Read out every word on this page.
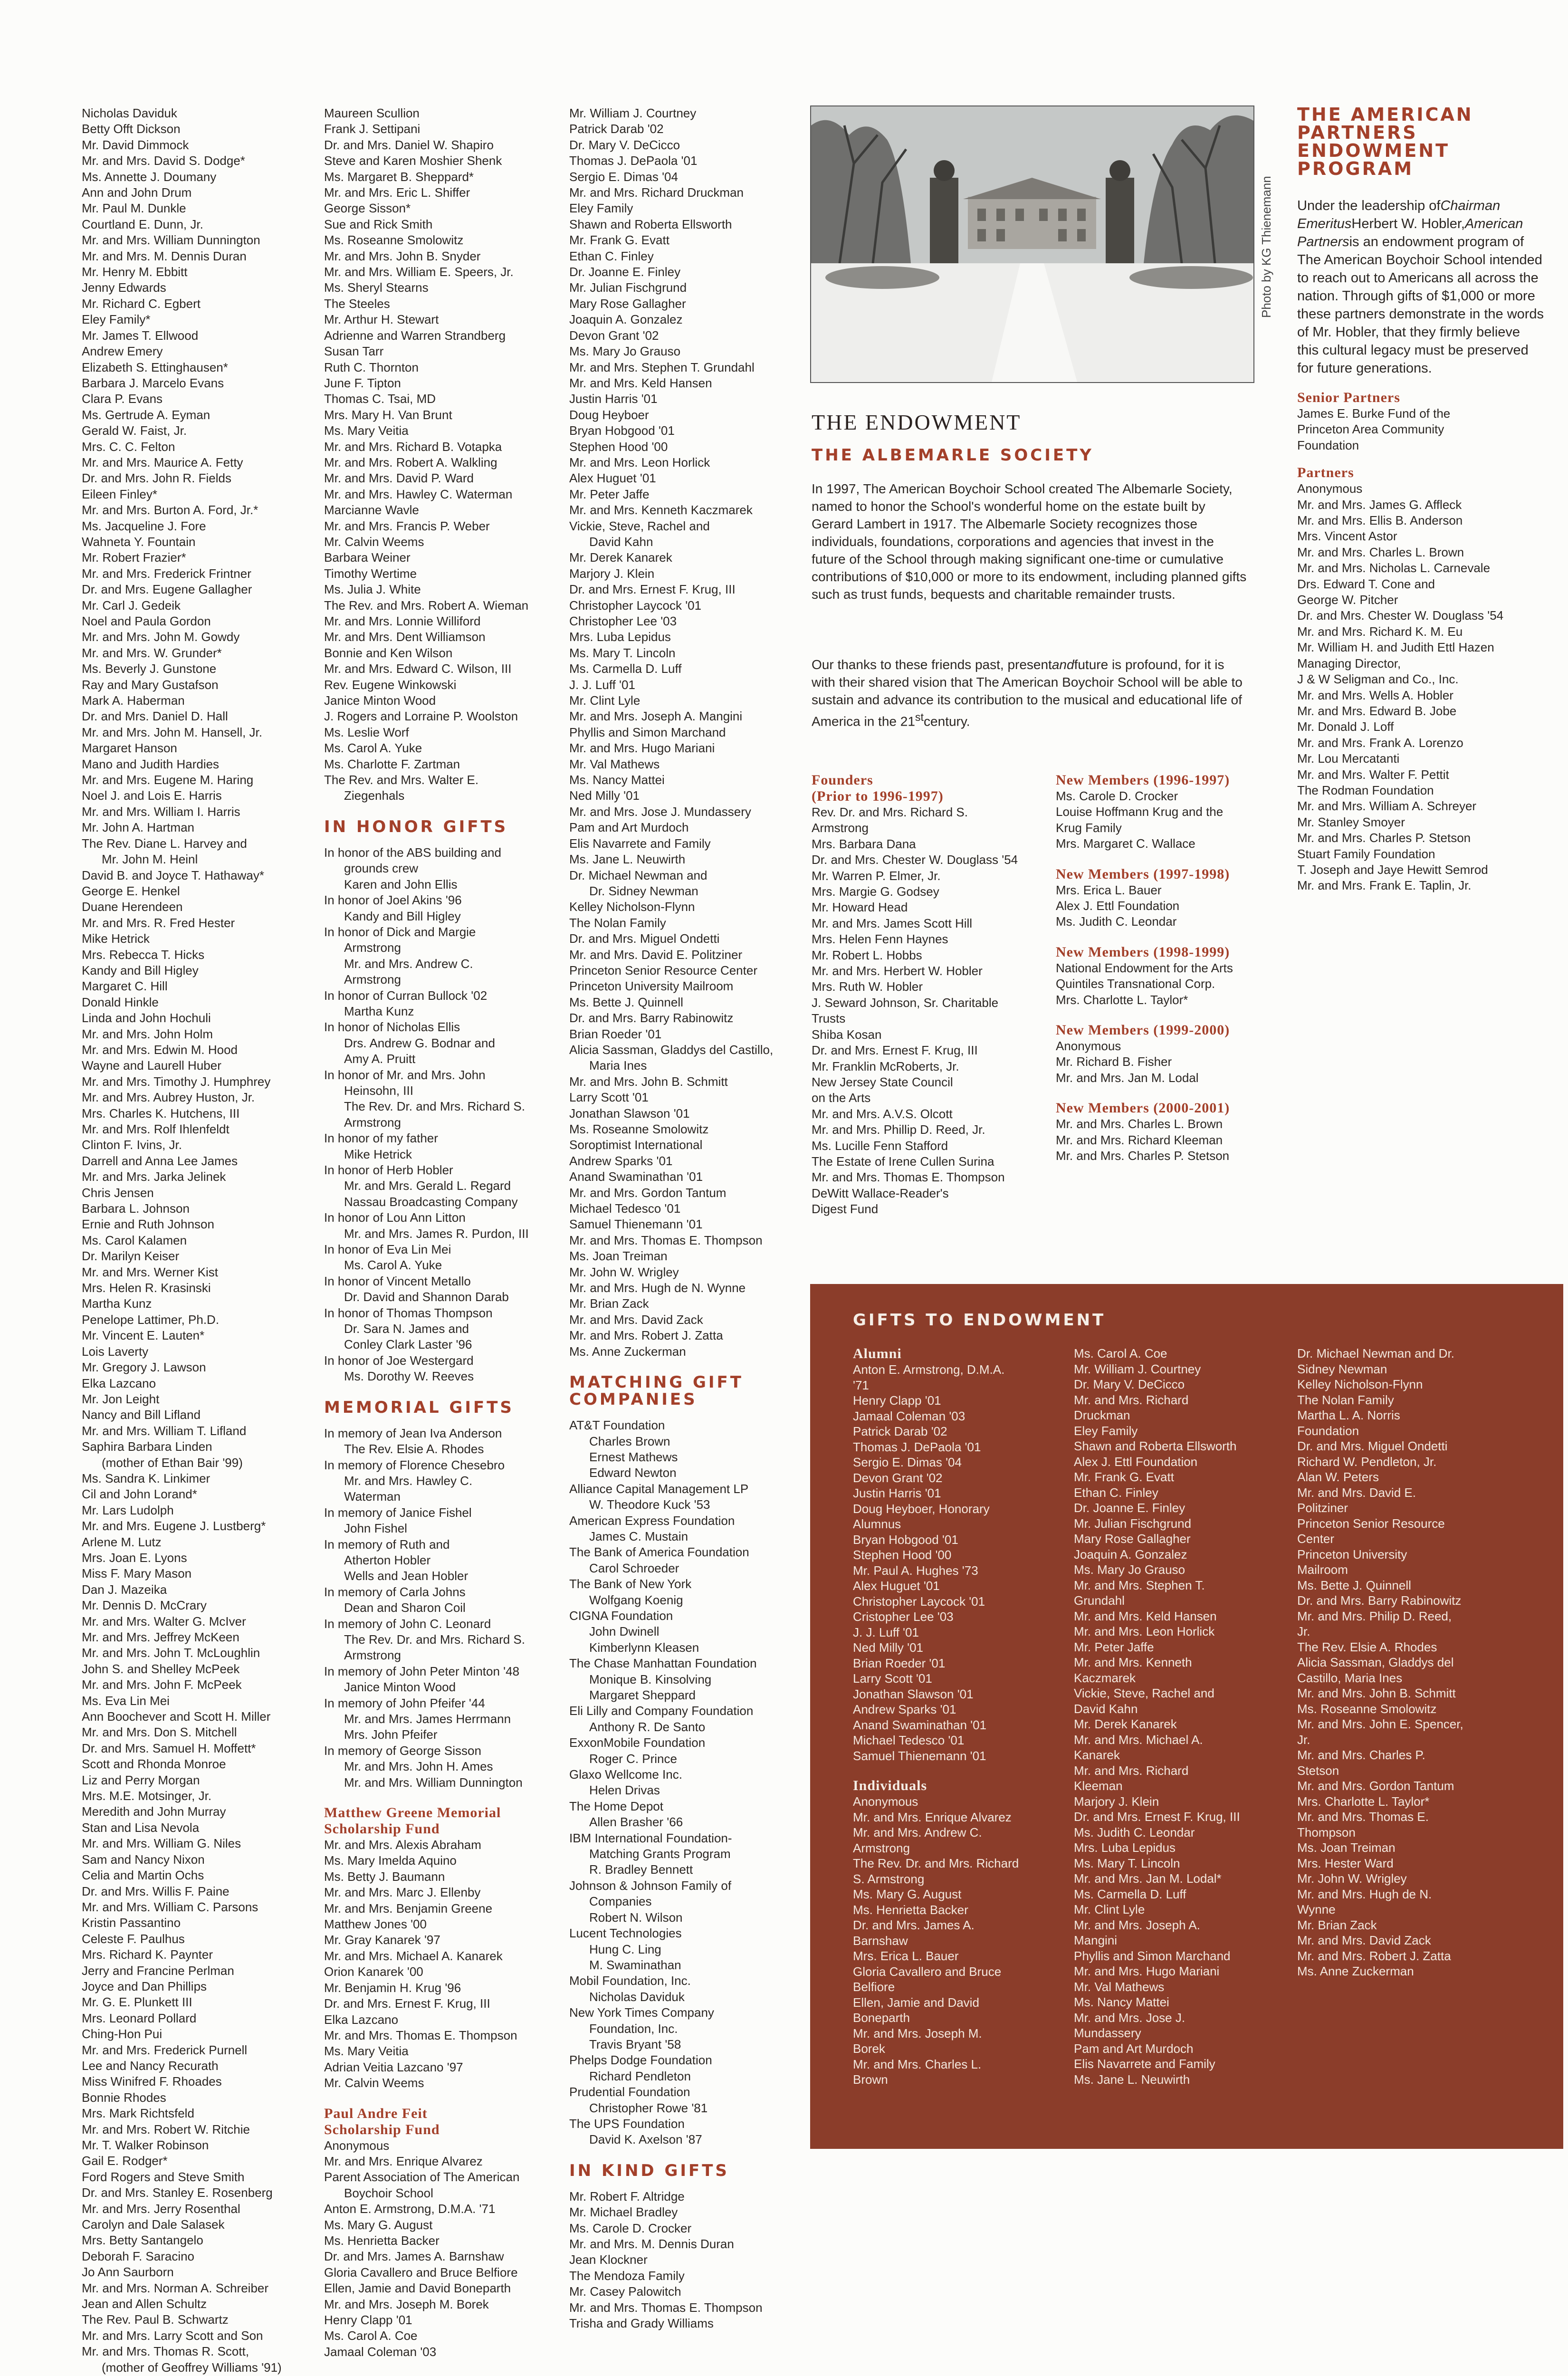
Nicholas Daviduk
Betty Offt Dickson
Mr. David Dimmock
Mr. and Mrs. David S. Dodge*
Ms. Annette J. Doumany
Ann and John Drum
Mr. Paul M. Dunkle
Courtland E. Dunn, Jr.
Mr. and Mrs. William Dunnington
Mr. and Mrs. M. Dennis Duran
Mr. Henry M. Ebbitt
Jenny Edwards
Mr. Richard C. Egbert
Eley Family*
Mr. James T. Ellwood
Andrew Emery
Elizabeth S. Ettinghausen*
Barbara J. Marcelo Evans
Clara P. Evans
Ms. Gertrude A. Eyman
Gerald W. Faist, Jr.
Mrs. C. C. Felton
Mr. and Mrs. Maurice A. Fetty
Dr. and Mrs. John R. Fields
Eileen Finley*
Mr. and Mrs. Burton A. Ford, Jr.*
Ms. Jacqueline J. Fore
Wahneta Y. Fountain
Mr. Robert Frazier*
Mr. and Mrs. Frederick Frintner
Dr. and Mrs. Eugene Gallagher
Mr. Carl J. Gedeik
Noel and Paula Gordon
Mr. and Mrs. John M. Gowdy
Mr. and Mrs. W. Grunder*
Ms. Beverly J. Gunstone
Ray and Mary Gustafson
Mark A. Haberman
Dr. and Mrs. Daniel D. Hall
Mr. and Mrs. John M. Hansell, Jr.
Margaret Hanson
Mano and Judith Hardies
Mr. and Mrs. Eugene M. Haring
Noel J. and Lois E. Harris
Mr. and Mrs. William I. Harris
Mr. John A. Hartman
The Rev. Diane L. Harvey and
Mr. John M. Heinl
David B. and Joyce T. Hathaway*
George E. Henkel
Duane Herendeen
Mr. and Mrs. R. Fred Hester
Mike Hetrick
Mrs. Rebecca T. Hicks
Kandy and Bill Higley
Margaret C. Hill
Donald Hinkle
Linda and John Hochuli
Mr. and Mrs. John Holm
Mr. and Mrs. Edwin M. Hood
Wayne and Laurell Huber
Mr. and Mrs. Timothy J. Humphrey
Mr. and Mrs. Aubrey Huston, Jr.
Mrs. Charles K. Hutchens, III
Mr. and Mrs. Rolf Ihlenfeldt
Clinton F. Ivins, Jr.
Darrell and Anna Lee James
Mr. and Mrs. Jarka Jelinek
Chris Jensen
Barbara L. Johnson
Ernie and Ruth Johnson
Ms. Carol Kalamen
Dr. Marilyn Keiser
Mr. and Mrs. Werner Kist
Mrs. Helen R. Krasinski
Martha Kunz
Penelope Lattimer, Ph.D.
Mr. Vincent E. Lauten*
Lois Laverty
Mr. Gregory J. Lawson
Elka Lazcano
Mr. Jon Leight
Nancy and Bill Lifland
Mr. and Mrs. William T. Lifland
Saphira Barbara Linden
(mother of Ethan Bair '99)
Ms. Sandra K. Linkimer
Cil and John Lorand*
Mr. Lars Ludolph
Mr. and Mrs. Eugene J. Lustberg*
Arlene M. Lutz
Mrs. Joan E. Lyons
Miss F. Mary Mason
Dan J. Mazeika
Mr. Dennis D. McCrary
Mr. and Mrs. Walter G. McIver
Mr. and Mrs. Jeffrey McKeen
Mr. and Mrs. John T. McLoughlin
John S. and Shelley McPeek
Mr. and Mrs. John F. McPeek
Ms. Eva Lin Mei
Ann Boochever and Scott H. Miller
Mr. and Mrs. Don S. Mitchell
Dr. and Mrs. Samuel H. Moffett*
Scott and Rhonda Monroe
Liz and Perry Morgan
Mrs. M.E. Motsinger, Jr.
Meredith and John Murray
Stan and Lisa Nevola
Mr. and Mrs. William G. Niles
Sam and Nancy Nixon
Celia and Martin Ochs
Dr. and Mrs. Willis F. Paine
Mr. and Mrs. William C. Parsons
Kristin Passantino
Celeste F. Paulhus
Mrs. Richard K. Paynter
Jerry and Francine Perlman
Joyce and Dan Phillips
Mr. G. E. Plunkett III
Mrs. Leonard Pollard
Ching-Hon Pui
Mr. and Mrs. Frederick Purnell
Lee and Nancy Recurath
Miss Winifred F. Rhoades
Bonnie Rhodes
Mrs. Mark Richtsfeld
Mr. and Mrs. Robert W. Ritchie
Mr. T. Walker Robinson
Gail E. Rodger*
Ford Rogers and Steve Smith
Dr. and Mrs. Stanley E. Rosenberg
Mr. and Mrs. Jerry Rosenthal
Carolyn and Dale Salasek
Mrs. Betty Santangelo
Deborah F. Saracino
Jo Ann Saurborn
Mr. and Mrs. Norman A. Schreiber
Jean and Allen Schultz
The Rev. Paul B. Schwartz
Mr. and Mrs. Larry Scott and Son
Mr. and Mrs. Thomas R. Scott,
(mother of Geoffrey Williams '91)
Maureen Scullion
Frank J. Settipani
Dr. and Mrs. Daniel W. Shapiro
Steve and Karen Moshier Shenk
Ms. Margaret B. Sheppard*
Mr. and Mrs. Eric L. Shiffer
George Sisson*
Sue and Rick Smith
Ms. Roseanne Smolowitz
Mr. and Mrs. John B. Snyder
Mr. and Mrs. William E. Speers, Jr.
Ms. Sheryl Stearns
The Steeles
Mr. Arthur H. Stewart
Adrienne and Warren Strandberg
Susan Tarr
Ruth C. Thornton
June F. Tipton
Thomas C. Tsai, MD
Mrs. Mary H. Van Brunt
Ms. Mary Veitia
Mr. and Mrs. Richard B. Votapka
Mr. and Mrs. Robert A. Walkling
Mr. and Mrs. David P. Ward
Mr. and Mrs. Hawley C. Waterman
Marcianne Wavle
Mr. and Mrs. Francis P. Weber
Mr. Calvin Weems
Barbara Weiner
Timothy Wertime
Ms. Julia J. White
The Rev. and Mrs. Robert A. Wieman
Mr. and Mrs. Lonnie Williford
Mr. and Mrs. Dent Williamson
Bonnie and Ken Wilson
Mr. and Mrs. Edward C. Wilson, III
Rev. Eugene Winkowski
Janice Minton Wood
J. Rogers and Lorraine P. Woolston
Ms. Leslie Worf
Ms. Carol A. Yuke
Ms. Charlotte F. Zartman
The Rev. and Mrs. Walter E.
Ziegenhals
IN HONOR GIFTS
In honor of the ABS building and
grounds crew
Karen and John Ellis
In honor of Joel Akins '96
Kandy and Bill Higley
In honor of Dick and Margie
Armstrong
Mr. and Mrs. Andrew C.
Armstrong
In honor of Curran Bullock '02
Martha Kunz
In honor of Nicholas Ellis
Drs. Andrew G. Bodnar and
Amy A. Pruitt
In honor of Mr. and Mrs. John
Heinsohn, III
The Rev. Dr. and Mrs. Richard S.
Armstrong
In honor of my father
Mike Hetrick
In honor of Herb Hobler
Mr. and Mrs. Gerald L. Regard
Nassau Broadcasting Company
In honor of Lou Ann Litton
Mr. and Mrs. James R. Purdon, III
In honor of Eva Lin Mei
Ms. Carol A. Yuke
In honor of Vincent Metallo
Dr. David and Shannon Darab
In honor of Thomas Thompson
Dr. Sara N. James and
Conley Clark Laster '96
In honor of Joe Westergard
Ms. Dorothy W. Reeves
MEMORIAL GIFTS
In memory of Jean Iva Anderson
The Rev. Elsie A. Rhodes
In memory of Florence Chesebro
Mr. and Mrs. Hawley C.
Waterman
In memory of Janice Fishel
John Fishel
In memory of Ruth and
Atherton Hobler
Wells and Jean Hobler
In memory of Carla Johns
Dean and Sharon Coil
In memory of John C. Leonard
The Rev. Dr. and Mrs. Richard S.
Armstrong
In memory of John Peter Minton '48
Janice Minton Wood
In memory of John Pfeifer '44
Mr. and Mrs. James Herrmann
Mrs. John Pfeifer
In memory of George Sisson
Mr. and Mrs. John H. Ames
Mr. and Mrs. William Dunnington
Matthew Greene Memorial
Scholarship Fund
Mr. and Mrs. Alexis Abraham
Ms. Mary Imelda Aquino
Ms. Betty J. Baumann
Mr. and Mrs. Marc J. Ellenby
Mr. and Mrs. Benjamin Greene
Matthew Jones '00
Mr. Gray Kanarek '97
Mr. and Mrs. Michael A. Kanarek
Orion Kanarek '00
Mr. Benjamin H. Krug '96
Dr. and Mrs. Ernest F. Krug, III
Elka Lazcano
Mr. and Mrs. Thomas E. Thompson
Ms. Mary Veitia
Adrian Veitia Lazcano '97
Mr. Calvin Weems
Paul Andre Feit
Scholarship Fund
Anonymous
Mr. and Mrs. Enrique Alvarez
Parent Association of The American
Boychoir School
Anton E. Armstrong, D.M.A. '71
Ms. Mary G. August
Ms. Henrietta Backer
Dr. and Mrs. James A. Barnshaw
Gloria Cavallero and Bruce Belfiore
Ellen, Jamie and David Boneparth
Mr. and Mrs. Joseph M. Borek
Henry Clapp '01
Ms. Carol A. Coe
Jamaal Coleman '03
Mr. William J. Courtney
Patrick Darab '02
Dr. Mary V. DeCicco
Thomas J. DePaola '01
Sergio E. Dimas '04
Mr. and Mrs. Richard Druckman
Eley Family
Shawn and Roberta Ellsworth
Mr. Frank G. Evatt
Ethan C. Finley
Dr. Joanne E. Finley
Mr. Julian Fischgrund
Mary Rose Gallagher
Joaquin A. Gonzalez
Devon Grant '02
Ms. Mary Jo Grauso
Mr. and Mrs. Stephen T. Grundahl
Mr. and Mrs. Keld Hansen
Justin Harris '01
Doug Heyboer
Bryan Hobgood '01
Stephen Hood '00
Mr. and Mrs. Leon Horlick
Alex Huguet '01
Mr. Peter Jaffe
Mr. and Mrs. Kenneth Kaczmarek
Vickie, Steve, Rachel and
David Kahn
Mr. Derek Kanarek
Marjory J. Klein
Dr. and Mrs. Ernest F. Krug, III
Christopher Laycock '01
Christopher Lee '03
Mrs. Luba Lepidus
Ms. Mary T. Lincoln
Ms. Carmella D. Luff
J. J. Luff '01
Mr. Clint Lyle
Mr. and Mrs. Joseph A. Mangini
Phyllis and Simon Marchand
Mr. and Mrs. Hugo Mariani
Mr. Val Mathews
Ms. Nancy Mattei
Ned Milly '01
Mr. and Mrs. Jose J. Mundassery
Pam and Art Murdoch
Elis Navarrete and Family
Ms. Jane L. Neuwirth
Dr. Michael Newman and
Dr. Sidney Newman
Kelley Nicholson-Flynn
The Nolan Family
Dr. and Mrs. Miguel Ondetti
Mr. and Mrs. David E. Politziner
Princeton Senior Resource Center
Princeton University Mailroom
Ms. Bette J. Quinnell
Dr. and Mrs. Barry Rabinowitz
Brian Roeder '01
Alicia Sassman, Gladdys del Castillo,
Maria Ines
Mr. and Mrs. John B. Schmitt
Larry Scott '01
Jonathan Slawson '01
Ms. Roseanne Smolowitz
Soroptimist International
Andrew Sparks '01
Anand Swaminathan '01
Mr. and Mrs. Gordon Tantum
Michael Tedesco '01
Samuel Thienemann '01
Mr. and Mrs. Thomas E. Thompson
Ms. Joan Treiman
Mr. John W. Wrigley
Mr. and Mrs. Hugh de N. Wynne
Mr. Brian Zack
Mr. and Mrs. David Zack
Mr. and Mrs. Robert J. Zatta
Ms. Anne Zuckerman
MATCHING GIFT
COMPANIES
AT&T Foundation
Charles Brown
Ernest Mathews
Edward Newton
Alliance Capital Management LP
W. Theodore Kuck '53
American Express Foundation
James C. Mustain
The Bank of America Foundation
Carol Schroeder
The Bank of New York
Wolfgang Koenig
CIGNA Foundation
John Dwinell
Kimberlynn Kleasen
The Chase Manhattan Foundation
Monique B. Kinsolving
Margaret Sheppard
Eli Lilly and Company Foundation
Anthony R. De Santo
ExxonMobile Foundation
Roger C. Prince
Glaxo Wellcome Inc.
Helen Drivas
The Home Depot
Allen Brasher '66
IBM International Foundation-
Matching Grants Program
R. Bradley Bennett
Johnson & Johnson Family of
Companies
Robert N. Wilson
Lucent Technologies
Hung C. Ling
M. Swaminathan
Mobil Foundation, Inc.
Nicholas Daviduk
New York Times Company
Foundation, Inc.
Travis Bryant '58
Phelps Dodge Foundation
Richard Pendleton
Prudential Foundation
Christopher Rowe '81
The UPS Foundation
David K. Axelson '87
IN KIND GIFTS
Mr. Robert F. Altridge
Mr. Michael Bradley
Ms. Carole D. Crocker
Mr. and Mrs. M. Dennis Duran
Jean Klockner
The Mendoza Family
Mr. Casey Palowitch
Mr. and Mrs. Thomas E. Thompson
Trisha and Grady Williams
Photo by KG Thienemann
THE ENDOWMENT
THE ALBEMARLE SOCIETY
In 1997, The American Boychoir School created The Albemarle Society, named to honor the School's wonderful home on the estate built by Gerard Lambert in 1917. The Albemarle Society recognizes those individuals, foundations, corporations and agencies that invest in the future of the School through making significant one-time or cumulative contributions of $10,000 or more to its endowment, including planned gifts such as trust funds, bequests and charitable remainder trusts.
Our thanks to these friends past, presentandfuture is profound, for it is with their shared vision that The American Boychoir School will be able to sustain and advance its contribution to the musical and educational life of America in the 21stcentury.
Founders
(Prior to 1996-1997)
Rev. Dr. and Mrs. Richard S.
Armstrong
Mrs. Barbara Dana
Dr. and Mrs. Chester W. Douglass '54
Mr. Warren P. Elmer, Jr.
Mrs. Margie G. Godsey
Mr. Howard Head
Mr. and Mrs. James Scott Hill
Mrs. Helen Fenn Haynes
Mr. Robert L. Hobbs
Mr. and Mrs. Herbert W. Hobler
Mrs. Ruth W. Hobler
J. Seward Johnson, Sr. Charitable
Trusts
Shiba Kosan
Dr. and Mrs. Ernest F. Krug, III
Mr. Franklin McRoberts, Jr.
New Jersey State Council
on the Arts
Mr. and Mrs. A.V.S. Olcott
Mr. and Mrs. Phillip D. Reed, Jr.
Ms. Lucille Fenn Stafford
The Estate of Irene Cullen Surina
Mr. and Mrs. Thomas E. Thompson
DeWitt Wallace-Reader's
Digest Fund
New Members (1996-1997)
Ms. Carole D. Crocker
Louise Hoffmann Krug and the
Krug Family
Mrs. Margaret C. Wallace
New Members (1997-1998)
Mrs. Erica L. Bauer
Alex J. Ettl Foundation
Ms. Judith C. Leondar
New Members (1998-1999)
National Endowment for the Arts
Quintiles Transnational Corp.
Mrs. Charlotte L. Taylor*
New Members (1999-2000)
Anonymous
Mr. Richard B. Fisher
Mr. and Mrs. Jan M. Lodal
New Members (2000-2001)
Mr. and Mrs. Charles L. Brown
Mr. and Mrs. Richard Kleeman
Mr. and Mrs. Charles P. Stetson
THE AMERICAN
PARTNERS
ENDOWMENT
PROGRAM
Under the leadership ofChairman EmeritusHerbert W. Hobler,American Partnersis an endowment program of The American Boychoir School intended to reach out to Americans all across the nation. Through gifts of $1,000 or more these partners demonstrate in the words of Mr. Hobler, that they firmly believe this cultural legacy must be preserved for future generations.
Senior Partners
James E. Burke Fund of the
Princeton Area Community
Foundation
Partners
Anonymous
Mr. and Mrs. James G. Affleck
Mr. and Mrs. Ellis B. Anderson
Mrs. Vincent Astor
Mr. and Mrs. Charles L. Brown
Mr. and Mrs. Nicholas L. Carnevale
Drs. Edward T. Cone and
George W. Pitcher
Dr. and Mrs. Chester W. Douglass '54
Mr. and Mrs. Richard K. M. Eu
Mr. William H. and Judith Ettl Hazen
Managing Director,
J & W Seligman and Co., Inc.
Mr. and Mrs. Wells A. Hobler
Mr. and Mrs. Edward B. Jobe
Mr. Donald J. Loff
Mr. and Mrs. Frank A. Lorenzo
Mr. Lou Mercatanti
Mr. and Mrs. Walter F. Pettit
The Rodman Foundation
Mr. and Mrs. William A. Schreyer
Mr. Stanley Smoyer
Mr. and Mrs. Charles P. Stetson
Stuart Family Foundation
T. Joseph and Jaye Hewitt Semrod
Mr. and Mrs. Frank E. Taplin, Jr.
GIFTS TO ENDOWMENT
Alumni
Anton E. Armstrong, D.M.A.
'71
Henry Clapp '01
Jamaal Coleman '03
Patrick Darab '02
Thomas J. DePaola '01
Sergio E. Dimas '04
Devon Grant '02
Justin Harris '01
Doug Heyboer, Honorary
Alumnus
Bryan Hobgood '01
Stephen Hood '00
Mr. Paul A. Hughes '73
Alex Huguet '01
Christopher Laycock '01
Cristopher Lee '03
J. J. Luff '01
Ned Milly '01
Brian Roeder '01
Larry Scott '01
Jonathan Slawson '01
Andrew Sparks '01
Anand Swaminathan '01
Michael Tedesco '01
Samuel Thienemann '01
Individuals
Anonymous
Mr. and Mrs. Enrique Alvarez
Mr. and Mrs. Andrew C.
Armstrong
The Rev. Dr. and Mrs. Richard
S. Armstrong
Ms. Mary G. August
Ms. Henrietta Backer
Dr. and Mrs. James A.
Barnshaw
Mrs. Erica L. Bauer
Gloria Cavallero and Bruce
Belfiore
Ellen, Jamie and David
Boneparth
Mr. and Mrs. Joseph M.
Borek
Mr. and Mrs. Charles L.
Brown
Ms. Carol A. Coe
Mr. William J. Courtney
Dr. Mary V. DeCicco
Mr. and Mrs. Richard
Druckman
Eley Family
Shawn and Roberta Ellsworth
Alex J. Ettl Foundation
Mr. Frank G. Evatt
Ethan C. Finley
Dr. Joanne E. Finley
Mr. Julian Fischgrund
Mary Rose Gallagher
Joaquin A. Gonzalez
Ms. Mary Jo Grauso
Mr. and Mrs. Stephen T.
Grundahl
Mr. and Mrs. Keld Hansen
Mr. and Mrs. Leon Horlick
Mr. Peter Jaffe
Mr. and Mrs. Kenneth
Kaczmarek
Vickie, Steve, Rachel and
David Kahn
Mr. Derek Kanarek
Mr. and Mrs. Michael A.
Kanarek
Mr. and Mrs. Richard
Kleeman
Marjory J. Klein
Dr. and Mrs. Ernest F. Krug, III
Ms. Judith C. Leondar
Mrs. Luba Lepidus
Ms. Mary T. Lincoln
Mr. and Mrs. Jan M. Lodal*
Ms. Carmella D. Luff
Mr. Clint Lyle
Mr. and Mrs. Joseph A.
Mangini
Phyllis and Simon Marchand
Mr. and Mrs. Hugo Mariani
Mr. Val Mathews
Ms. Nancy Mattei
Mr. and Mrs. Jose J.
Mundassery
Pam and Art Murdoch
Elis Navarrete and Family
Ms. Jane L. Neuwirth
Dr. Michael Newman and Dr.
Sidney Newman
Kelley Nicholson-Flynn
The Nolan Family
Martha L. A. Norris
Foundation
Dr. and Mrs. Miguel Ondetti
Richard W. Pendleton, Jr.
Alan W. Peters
Mr. and Mrs. David E.
Politziner
Princeton Senior Resource
Center
Princeton University
Mailroom
Ms. Bette J. Quinnell
Dr. and Mrs. Barry Rabinowitz
Mr. and Mrs. Philip D. Reed,
Jr.
The Rev. Elsie A. Rhodes
Alicia Sassman, Gladdys del
Castillo, Maria Ines
Mr. and Mrs. John B. Schmitt
Ms. Roseanne Smolowitz
Mr. and Mrs. John E. Spencer,
Jr.
Mr. and Mrs. Charles P.
Stetson
Mr. and Mrs. Gordon Tantum
Mrs. Charlotte L. Taylor*
Mr. and Mrs. Thomas E.
Thompson
Ms. Joan Treiman
Mrs. Hester Ward
Mr. John W. Wrigley
Mr. and Mrs. Hugh de N.
Wynne
Mr. Brian Zack
Mr. and Mrs. David Zack
Mr. and Mrs. Robert J. Zatta
Ms. Anne Zuckerman
